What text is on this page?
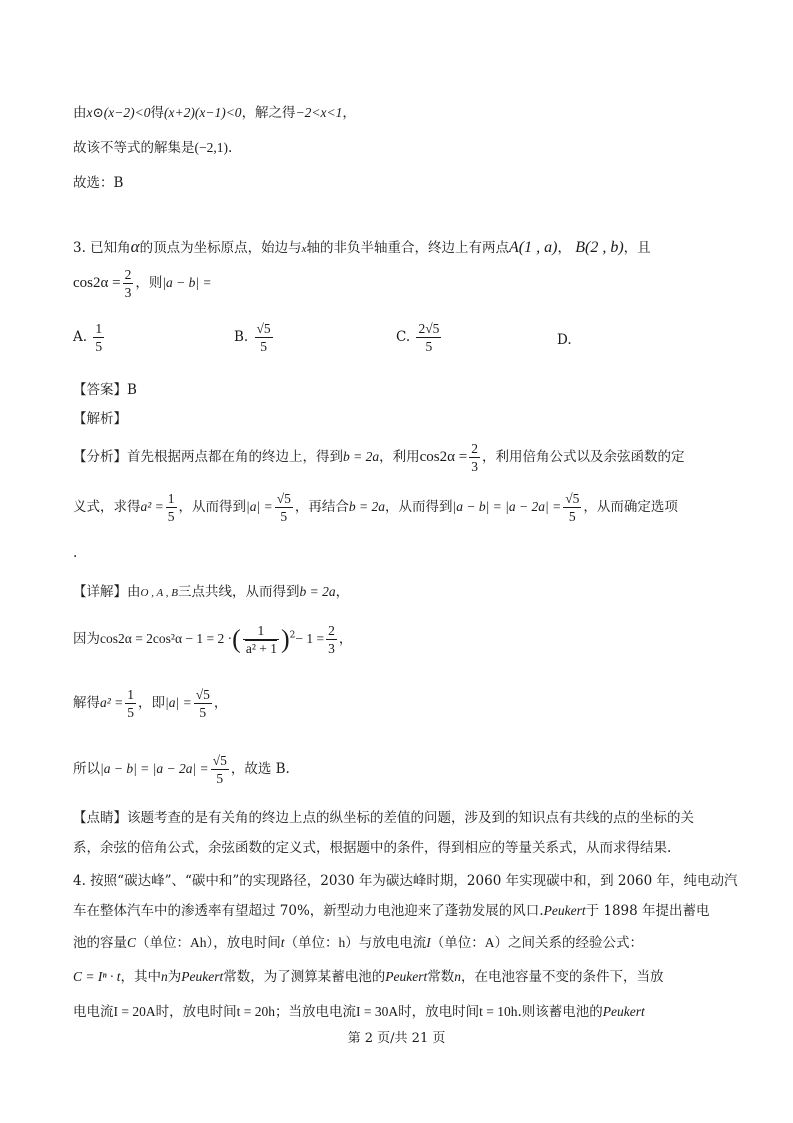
由x⊙(x−2)<0得(x+2)(x−1)<0，解之得−2<x<1，
故该不等式的解集是(−2,1).
故选：B
3. 已知角α的顶点为坐标原点，始边与x轴的非负半轴重合，终边上有两点A(1 , a)， B(2 , b)，且
$\cos 2\alpha = \frac{2}{3}$ ，则|a − b| =
A. $\frac{1}{5}$	B. $\frac{√5}{5}$	C. $\frac{2√5}{5}$	D.
【答案】B
【解析】
【分析】首先根据两点都在角的终边上，得到b = 2a，利用$\cos 2\alpha = \frac{2}{3}$ ，利用倍角公式以及余弦函数的定
义式，求得$a^2 = \frac{1}{5}$ ，从而得到$|a| = \frac{√5}{5}$ ，再结合b = 2a，从而得到$|a - b| = |a - 2a| = \frac{√5}{5}$ ，从而确定选项
.
【详解】由O , A , B三点共线，从而得到b = 2a，
因为cos2α = 2cos²α − 1 = 2 ·( $\frac{1}{\text{a² + 1}} )^2- 1 = \frac{2}{3}$ ，
解得$a^2 = \frac{1}{5}$ ，即$|a| = \frac{√5}{5}$ ，
所以$|a - b| = |a - 2a| = \frac{√5}{5}$ ，故选 B.
【点睛】该题考查的是有关角的终边上点的纵坐标的差值的问题，涉及到的知识点有共线的点的坐标的关
系，余弦的倍角公式，余弦函数的定义式，根据题中的条件，得到相应的等量关系式，从而求得结果.
4. 按照“碳达峰”、“碳中和”的实现路径，2030 年为碳达峰时期，2060 年实现碳中和，到 2060 年，纯电动汽
车在整体汽车中的渗透率有望超过 70%，新型动力电池迎来了蓬勃发展的风口.Peukert于 1898 年提出蓄电
池的容量C（单位：Ah），放电时间t（单位：h）与放电电流I（单位：A）之间关系的经验公式：
C = Iⁿ · t，其中n为Peukert常数，为了测算某蓄电池的Peukert常数n，在电池容量不变的条件下，当放
电电流I = 20A时，放电时间t = 20h；当放电电流I = 30A时，放电时间t = 10h.则该蓄电池的Peukert
第 2 页/共 21 页
